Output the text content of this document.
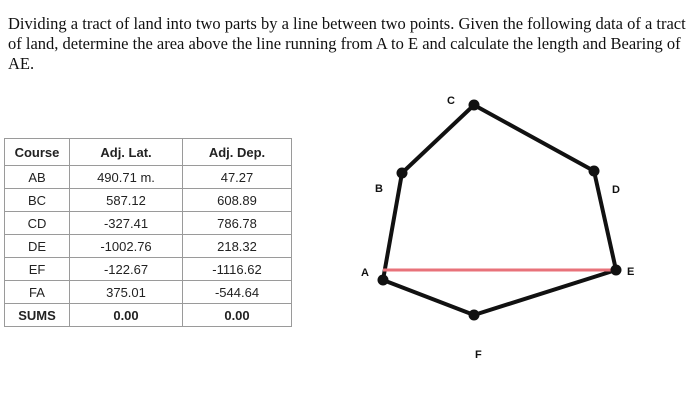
Dividing a tract of land into two parts by a line between two points. Given the following data of a tract of land, determine the area above the line running from A to E and calculate the length and Bearing of AE.

Course	Adj. Lat.	Adj. Dep.
AB	490.71 m.	47.27
BC	587.12	608.89
CD	-327.41	786.78
DE	-1002.76	218.32
EF	-122.67	-1116.62
FA	375.01	-544.64
SUMS	0.00	0.00
A
B
C
D
E
F
